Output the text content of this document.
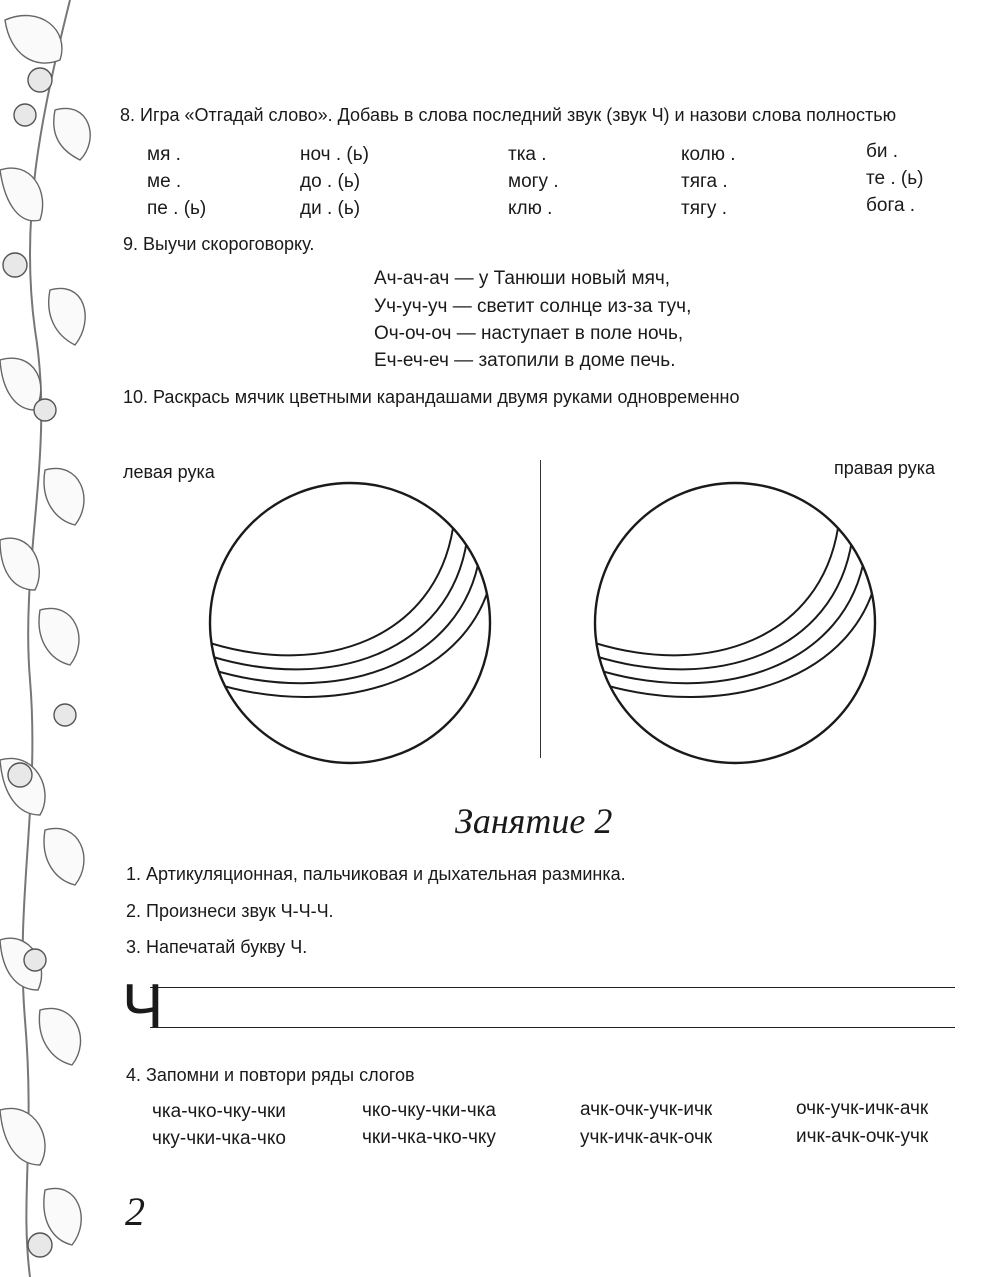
8. Игра «Отгадай слово». Добавь в слова последний звук (звук Ч) и назови слова полностью
мя .
ме .
пе . (ь)
ноч . (ь)
до . (ь)
ди . (ь)
тка .
могу .
клю .
колю .
тяга .
тягу .
би .
те . (ь)
бога .
9. Выучи скороговорку.
Ач-ач-ач — у Танюши новый мяч,
Уч-уч-уч — светит солнце из-за туч,
Оч-оч-оч — наступает в поле ночь,
Еч-еч-еч — затопили в доме печь.
10. Раскрась мячик цветными карандашами двумя руками одновременно
левая рука	правая рука
Занятие 2
1. Артикуляционная, пальчиковая и дыхательная разминка.
2. Произнеси звук Ч-Ч-Ч.
3. Напечатай букву Ч.
Ч
4. Запомни и повтори ряды слогов
чка-чко-чку-чки
чку-чки-чка-чко
чко-чку-чки-чка
чки-чка-чко-чку
ачк-очк-учк-ичк
учк-ичк-ачк-очк
очк-учк-ичк-ачк
ичк-ачк-очк-учк
2
